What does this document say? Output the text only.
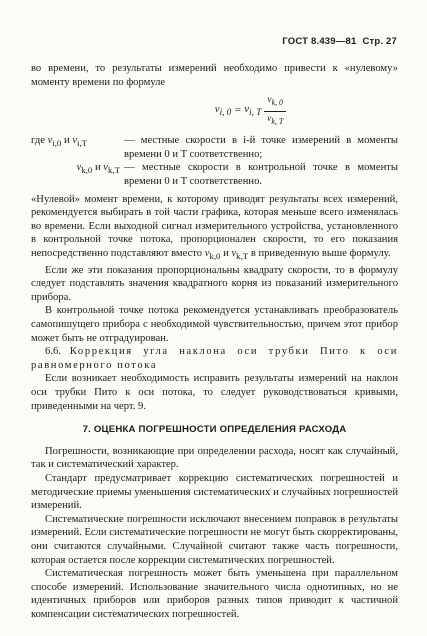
ГОСТ 8.439—81 Стр. 27

во времени, то результаты измерений необходимо привести к «нулевому» моменту времени по формуле

$v_{i, 0} = v_{i, T} \frac{v_{k, 0}}{v_{k, T}}$
где $v_{i,0}$ и $v_{i,T}$	— местные скорости в i-й точке измерений в моменты времени 0 и T соответственно;
$v_{k,0}$ и $v_{k,T}$ — местные скорости в контрольной точке в моменты времени 0 и T соответственно.

«Нулевой» момент времени, к которому приводят результаты всех измерений, рекомендуется выбирать в той части графика, которая меньше всего изменялась во времени. Если выходной сигнал измерительного устройства, установленного в контрольной точке потока, пропорционален скорости, то его показания непосредственно подставляют вместо $v_{k,0}$ и $v_{k,T}$ в приведенную выше формулу.

Если же эти показания пропорциональны квадрату скорости, то в формулу следует подставлять значения квадратного корня из показаний измерительного прибора.

В контрольной точке потока рекомендуется устанавливать преобразователь самопишущего прибора с необходимой чувствительностью, причем этот прибор может быть не отградуирован.

6.6. Коррекция угла наклона оси трубки Пито к оси равномерного потока

Если возникает необходимость исправить результаты измерений на наклон оси трубки Пито к оси потока, то следует руководствоваться кривыми, приведенными на черт. 9.

7. ОЦЕНКА ПОГРЕШНОСТИ ОПРЕДЕЛЕНИЯ РАСХОДА

Погрешности, возникающие при определении расхода, носят как случайный, так и систематический характер.

Стандарт предусматривает коррекцию систематических погрешностей и методические приемы уменьшения систематических и случайных погрешностей измерений.

Систематические погрешности исключают внесением поправок в результаты измерений. Если систематические погрешности не могут быть скорректированы, они считаются случайными. Случайной считают также часть погрешности, которая остается после коррекции систематических погрешностей.

Систематическая погрешность может быть уменьшена при параллельном способе измерений. Использование значительного числа однотипных, но не идентичных приборов или приборов разных типов приводит к частичной компенсации систематических погрешностей.
